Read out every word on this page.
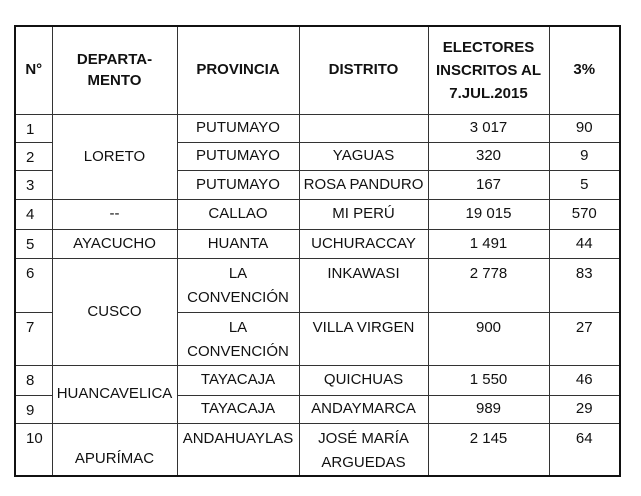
N°	DEPARTA-
MENTO	PROVINCIA	DISTRITO	ELECTORES
INSCRITOS AL
7.JUL.2015	3%
1	LORETO	PUTUMAYO		3 017	90
2		PUTUMAYO	YAGUAS	320	9
3		PUTUMAYO	ROSA PANDURO	167	5
4	--	CALLAO	MI PERÚ	19 015	570
5	AYACUCHO	HUANTA	UCHURACCAY	1 491	44
6	CUSCO	LA
CONVENCIÓN	INKAWASI	2 778	83
7		LA
CONVENCIÓN	VILLA VIRGEN	900	27
8	HUANCAVELICA	TAYACAJA	QUICHUAS	1 550	46
9		TAYACAJA	ANDAYMARCA	989	29
10	APURÍMAC	ANDAHUAYLAS	JOSÉ MARÍA
ARGUEDAS	2 145	64
